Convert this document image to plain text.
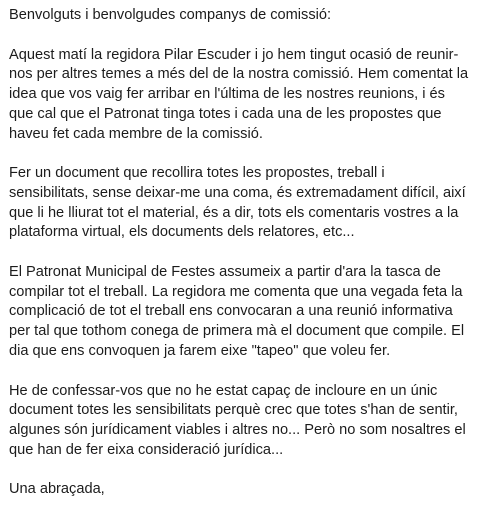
Benvolguts i benvolgudes companys de comissió:
Aquest matí la regidora Pilar Escuder i jo hem tingut ocasió de reunir-
nos per altres temes a més del de la nostra comissió. Hem comentat la
idea que vos vaig fer arribar en l'última de les nostres reunions, i és
que cal que el Patronat tinga totes i cada una de les propostes que
haveu fet cada membre de la comissió.
Fer un document que recollira totes les propostes, treball i
sensibilitats, sense deixar-me una coma, és extremadament difícil, així
que li he lliurat tot el material, és a dir, tots els comentaris vostres a la
plataforma virtual, els documents dels relatores, etc...
El Patronat Municipal de Festes assumeix a partir d'ara la tasca de
compilar tot el treball. La regidora me comenta que una vegada feta la
complicació de tot el treball ens convocaran a una reunió informativa
per tal que tothom conega de primera mà el document que compile. El
dia que ens convoquen ja farem eixe "tapeo" que voleu fer.
He de confessar-vos que no he estat capaç de incloure en un únic
document totes les sensibilitats perquè crec que totes s'han de sentir,
algunes són jurídicament viables i altres no... Però no som nosaltres el
que han de fer eixa consideració jurídica...
Una abraçada,
